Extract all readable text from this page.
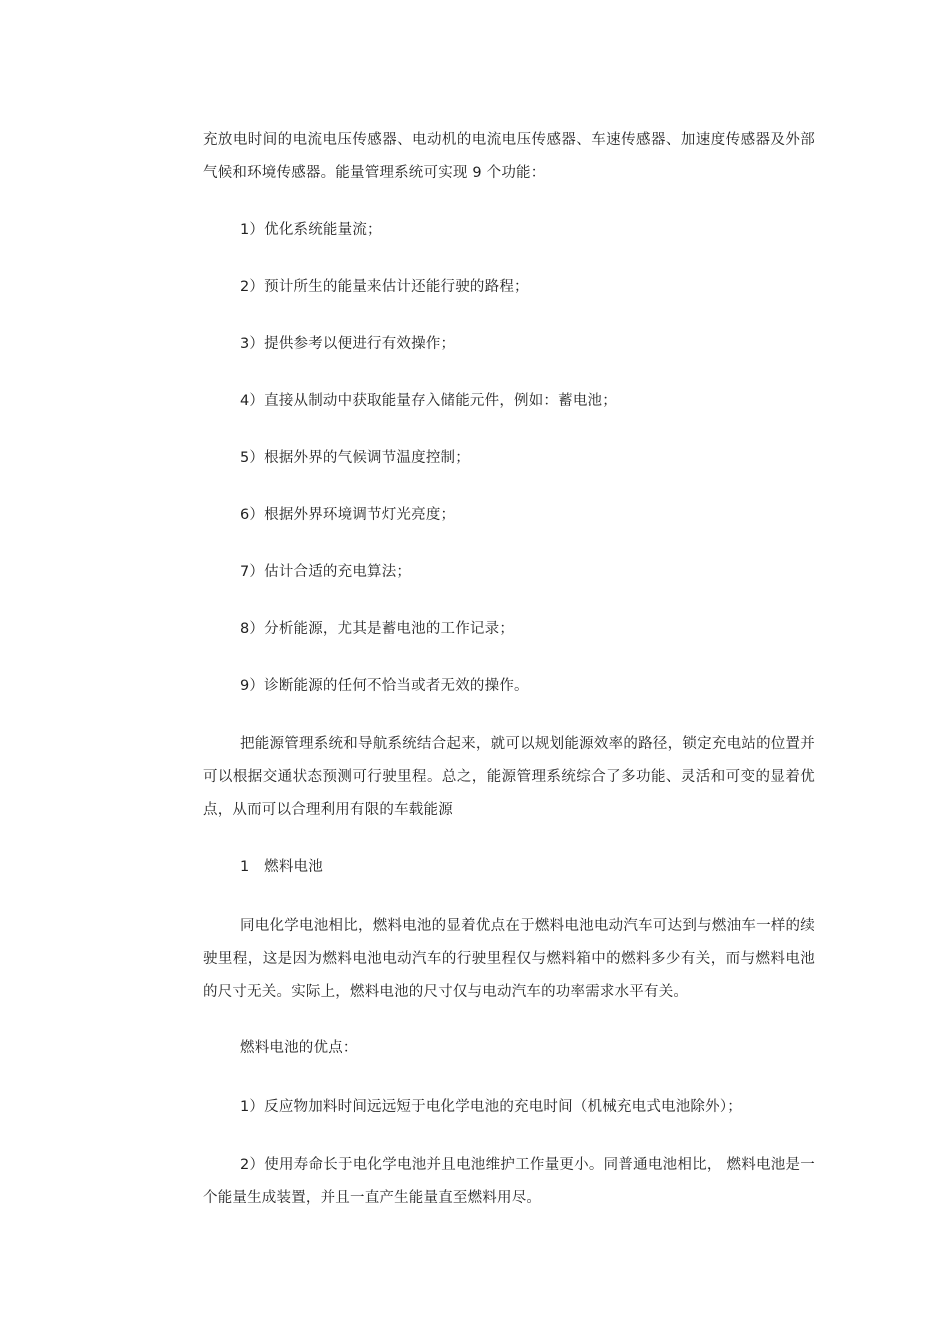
充放电时间的电流电压传感器、电动机的电流电压传感器、车速传感器、加速度传感器及外部气候和环境传感器。能量管理系统可实现 9 个功能：

1）优化系统能量流；

2）预计所生的能量来估计还能行驶的路程；

3）提供参考以便进行有效操作；

4）直接从制动中获取能量存入储能元件，例如：蓄电池；

5）根据外界的气候调节温度控制；

6）根据外界环境调节灯光亮度；

7）估计合适的充电算法；

8）分析能源，尤其是蓄电池的工作记录；

9）诊断能源的任何不恰当或者无效的操作。

把能源管理系统和导航系统结合起来，就可以规划能源效率的路径，锁定充电站的位置并可以根据交通状态预测可行驶里程。总之，能源管理系统综合了多功能、灵活和可变的显着优点，从而可以合理利用有限的车载能源

1　燃料电池

同电化学电池相比，燃料电池的显着优点在于燃料电池电动汽车可达到与燃油车一样的续驶里程，这是因为燃料电池电动汽车的行驶里程仅与燃料箱中的燃料多少有关，而与燃料电池的尺寸无关。实际上，燃料电池的尺寸仅与电动汽车的功率需求水平有关。

燃料电池的优点：

1）反应物加料时间远远短于电化学电池的充电时间（机械充电式电池除外）；

2）使用寿命长于电化学电池并且电池维护工作量更小。同普通电池相比， 燃料电池是一个能量生成装置，并且一直产生能量直至燃料用尽。
